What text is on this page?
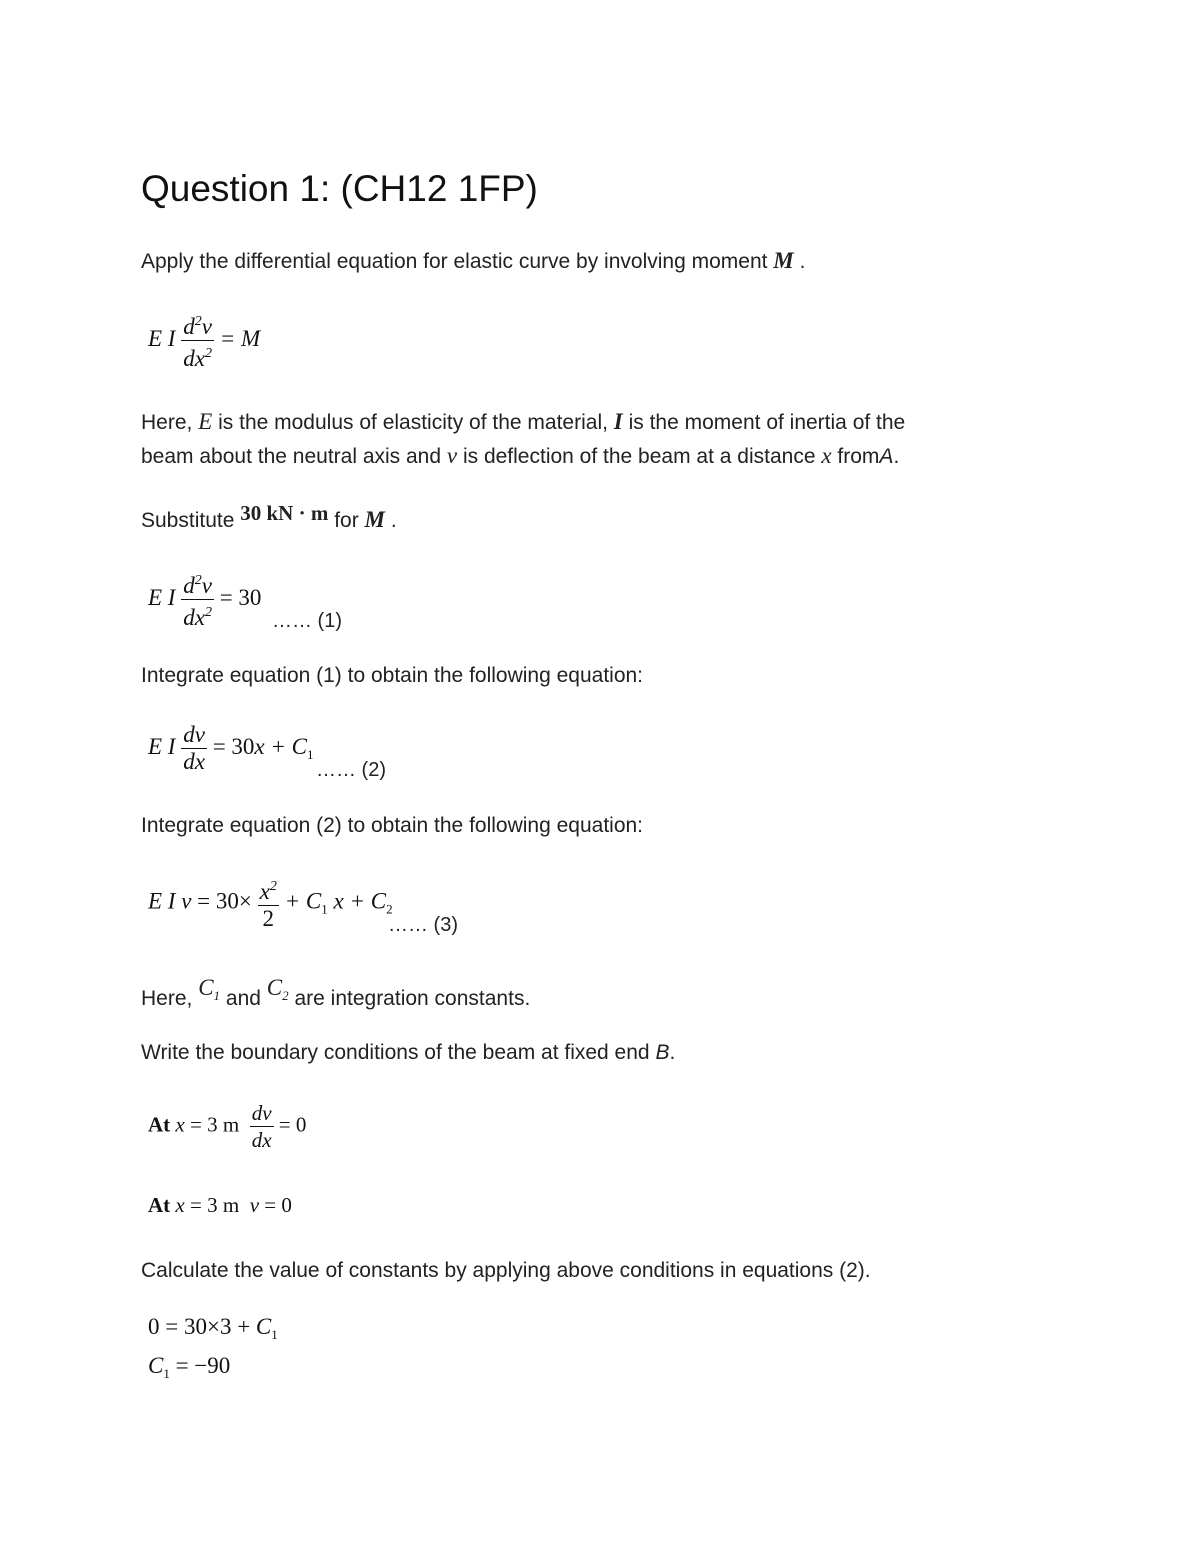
Question 1: (CH12 1FP)
Apply the differential equation for elastic curve by involving moment M .
E I $\frac{d^2v}{dx^2} = M$
Here, E is the modulus of elasticity of the material, I is the moment of inertia of the
beam about the neutral axis and v is deflection of the beam at a distance x fromA.
Substitute 30 kN · m for M .
E I $\frac{d^2v}{dx^2} = 30$
…… (1)
Integrate equation (1) to obtain the following equation:
E I $\frac{dv}{dx} = 30x + C_1$
…… (2)
Integrate equation (2) to obtain the following equation:
E I $v = 30\times \frac{x^2}{2} + C_1$ $x + C_2$
…… (3)
Here, $C_1$ and $C_2$ are integration constants.
Write the boundary conditions of the beam at fixed end B.
At x = 3 m $\frac{dv}{dx} = 0$
At x = 3 m v = 0
Calculate the value of constants by applying above conditions in equations (2).
$0 = 30\times 3 + C_1$
$C_1 = -90$
